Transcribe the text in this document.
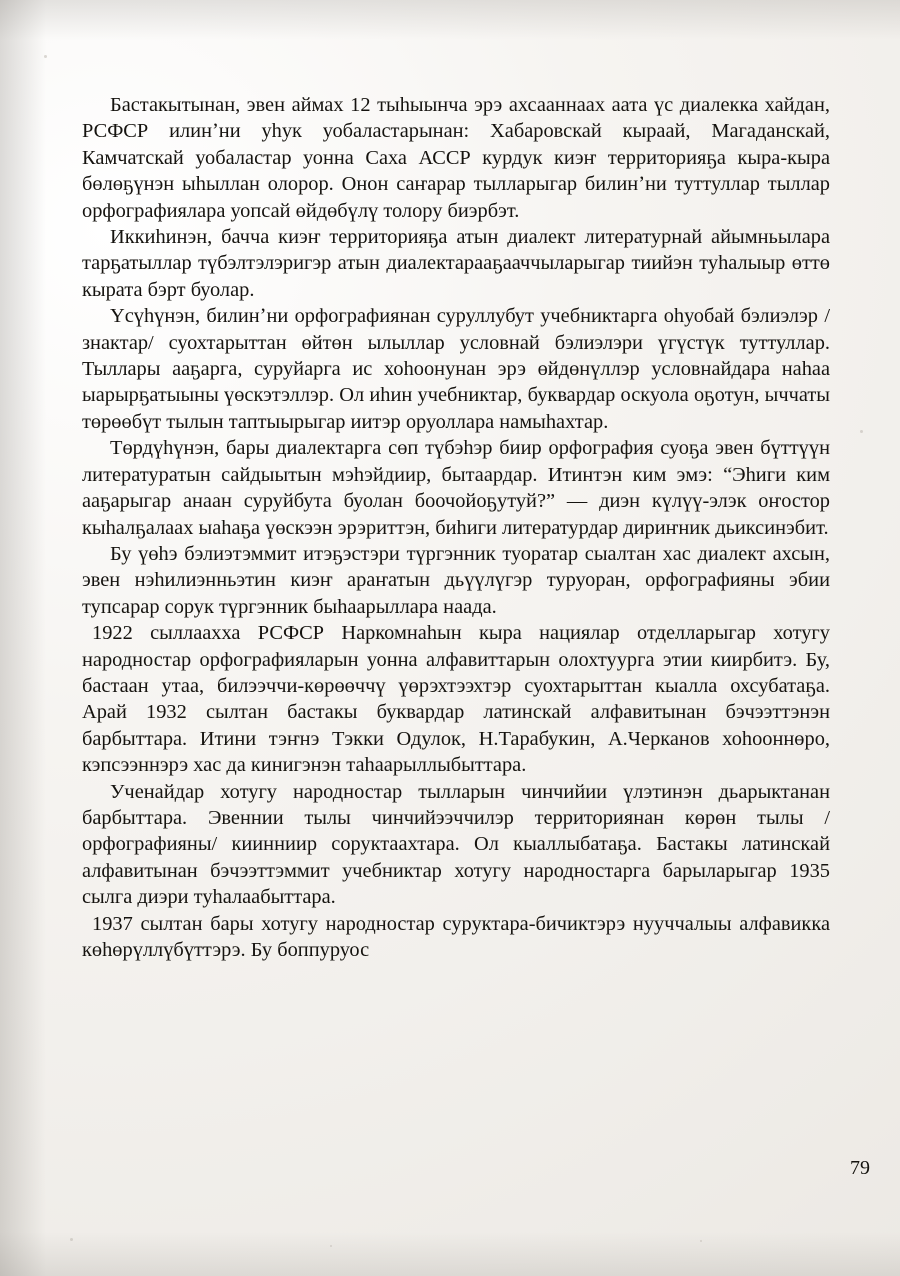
Бастакытынан, эвен аймах 12 тыһыынча эрэ ахсааннаах аата үс диалекка хайдан, РСФСР илинʼни уһук уобаластарынан: Хабаровскай кыраай, Магаданскай, Камчатскай уобаластар уонна Саха АССР курдук киэҥ территорияҕа кыра-кыра бөлөҕүнэн ыһыллан олорор. Онон саҥарар тылларыгар билинʼни туттуллар тыллар орфографиялара уопсай өйдөбүлү толору биэрбэт.

Иккиһинэн, бачча киэҥ территорияҕа атын диалект литературнай айымньылара тарҕатыллар түбэлтэлэригэр атын диалектарааҕааччыларыгар тиийэн туһалыыр өттө кырата бэрт буолар.

Үсүһүнэн, билинʼни орфографиянан суруллубут учебниктарга оһуобай бэлиэлэр /знактар/ суохтарыттан өйтөн ылыллар условнай бэлиэлэри үгүстүк туттуллар. Тыллары ааҕарга, суруйарга ис хоһоонунан эрэ өйдөнүллэр условнайдара наһаа ыарырҕатыыны үөскэтэллэр. Ол иһин учебниктар, буквардар оскуола оҕотун, ыччаты төрөөбүт тылын таптыырыгар иитэр оруоллара намыһахтар.

Төрдүһүнэн, бары диалектарга сөп түбэһэр биир орфография суоҕа эвен бүттүүн литературатын сайдыытын мэһэйдиир, бытаардар. Итинтэн ким эмэ: “Эһиги ким ааҕарыгар анаан суруйбута буолан боочойоҕутуй?” — диэн күлүү-элэк оҥостор кыһалҕалаах ыаһаҕа үөскээн эрэриттэн, биһиги литературдар дириҥник дьиксинэбит.

Бу үөһэ бэлиэтэммит итэҕэстэри түргэнник туоратар сыалтан хас диалект ахсын, эвен нэһилиэнньэтин киэҥ араҥатын дьүүлүгэр туруоран, орфографияны эбии тупсарар сорук түргэнник быһаарыллара наада.

1922 сыллаахха РСФСР Наркомнаһын кыра нациялар отделларыгар хотугу народностар орфографияларын уонна алфавиттарын олохтуурга этии киирбитэ. Бу, бастаан утаа, билээччи-көрөөччү үөрэхтээхтэр суохтарыттан кыалла охсубатаҕа. Арай 1932 сылтан бастакы буквардар латинскай алфавитынан бэчээттэнэн барбыттара. Итини тэҥнэ Тэкки Одулок, Н.Тарабукин, А.Черканов хоһооннөро, кэпсээннэрэ хас да кинигэнэн таһаарыллыбыттара.

Ученайдар хотугу народностар тылларын чинчийии үлэтинэн дьарыктанан барбыттара. Эвеннии тылы чинчийээччилэр территориянан көрөн тылы /орфографияны/ киинниир соруктаахтара. Ол кыаллыбатаҕа. Бастакы латинскай алфавитынан бэчээттэммит учебниктар хотугу народностарга барыларыгар 1935 сылга диэри туһалаабыттара.

1937 сылтан бары хотугу народностар суруктара-бичиктэрэ нууччалыы алфавикка көһөрүллүбүттэрэ. Бу боппуруос

79
